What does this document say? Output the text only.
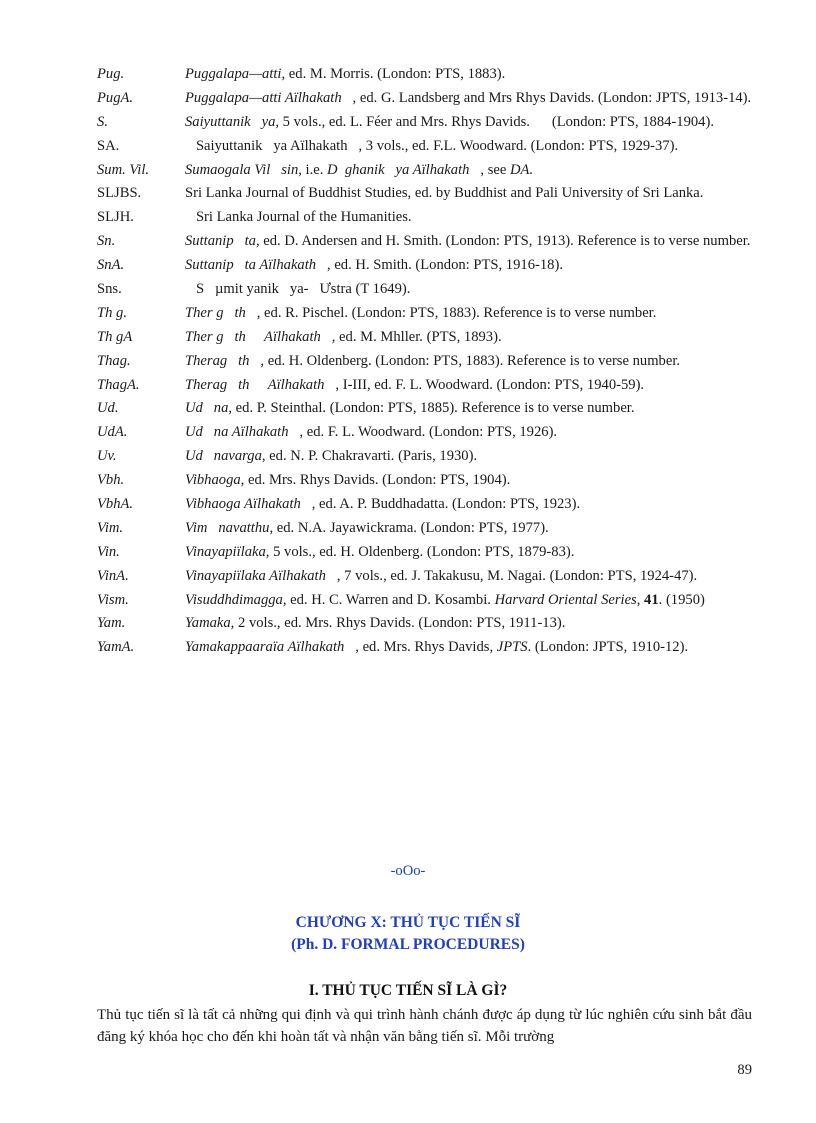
Pug.	Puggalapa—atti, ed. M. Morris. (London: PTS, 1883).
PugA.	Puggalapa—atti Aïlhakath   , ed. G. Landsberg and Mrs Rhys Davids. (London: JPTS, 1913-14).
S.	Saiyuttanik   ya, 5 vols., ed. L. Féer and Mrs. Rhys Davids.      (London: PTS, 1884-1904).
SA.	Saiyuttanik   ya Aïlhakath   , 3 vols., ed. F.L. Woodward. (London: PTS, 1929-37).
Sum. Vil.	Sumaogala Vil   sin, i.e. D  ghanik   ya Aïlhakath   , see DA.
SLJBS.	Sri Lanka Journal of Buddhist Studies, ed. by Buddhist and Pali University of Sri Lanka.
SLJH.	Sri Lanka Journal of the Humanities.
Sn.	Suttanip   ta, ed. D. Andersen and H. Smith. (London: PTS, 1913). Reference is to verse number.
SnA.	Suttanip   ta Aïlhakath   , ed. H. Smith. (London: PTS, 1916-18).
Sns.	S   µmit yanik   ya-   Ưstra (T 1649).
Th g.	Ther g   th   , ed. R. Pischel. (London: PTS, 1883). Reference is to verse number.
Th gA	Ther g   th     Aïlhakath   , ed. M. Mhller. (PTS, 1893).
Thag.	Therag   th   , ed. H. Oldenberg. (London: PTS, 1883). Reference is to verse number.
ThagA.	Therag   th     Aïlhakath   , I-III, ed. F. L. Woodward. (London: PTS, 1940-59).
Ud.	Ud   na, ed. P. Steinthal. (London: PTS, 1885). Reference is to verse number.
UdA.	Ud   na Aïlhakath   , ed. F. L. Woodward. (London: PTS, 1926).
Uv.	Ud   navarga, ed. N. P. Chakravarti. (Paris, 1930).
Vbh.	Vibhaoga, ed. Mrs. Rhys Davids. (London: PTS, 1904).
VbhA.	Vibhaoga Aïlhakath   , ed. A. P. Buddhadatta. (London: PTS, 1923).
Vim.	Vim   navatthu, ed. N.A. Jayawickrama. (London: PTS, 1977).
Vin.	Vinayapiïlaka, 5 vols., ed. H. Oldenberg. (London: PTS, 1879-83).
VinA.	Vinayapiïlaka Aïlhakath   , 7 vols., ed. J. Takakusu, M. Nagai. (London: PTS, 1924-47).
Vism.	Visuddhdimagga, ed. H. C. Warren and D. Kosambi. Harvard Oriental Series, 41. (1950)
Yam.	Yamaka, 2 vols., ed. Mrs. Rhys Davids. (London: PTS, 1911-13).
YamA.	Yamakappaaraïa Aïlhakath   , ed. Mrs. Rhys Davids, JPTS. (London: JPTS, 1910-12).
-oOo-
CHƯƠNG X: THỦ TỤC TIẾN SĨ
(Ph. D. FORMAL PROCEDURES)
I. THỦ TỤC TIẾN SĨ LÀ GÌ?
Thủ tục tiến sĩ là tất cả những qui định và qui trình hành chánh được áp dụng từ lúc nghiên cứu sinh bắt đầu đăng ký khóa học cho đến khi hoàn tất và nhận văn bằng tiến sĩ. Mỗi trường
89
